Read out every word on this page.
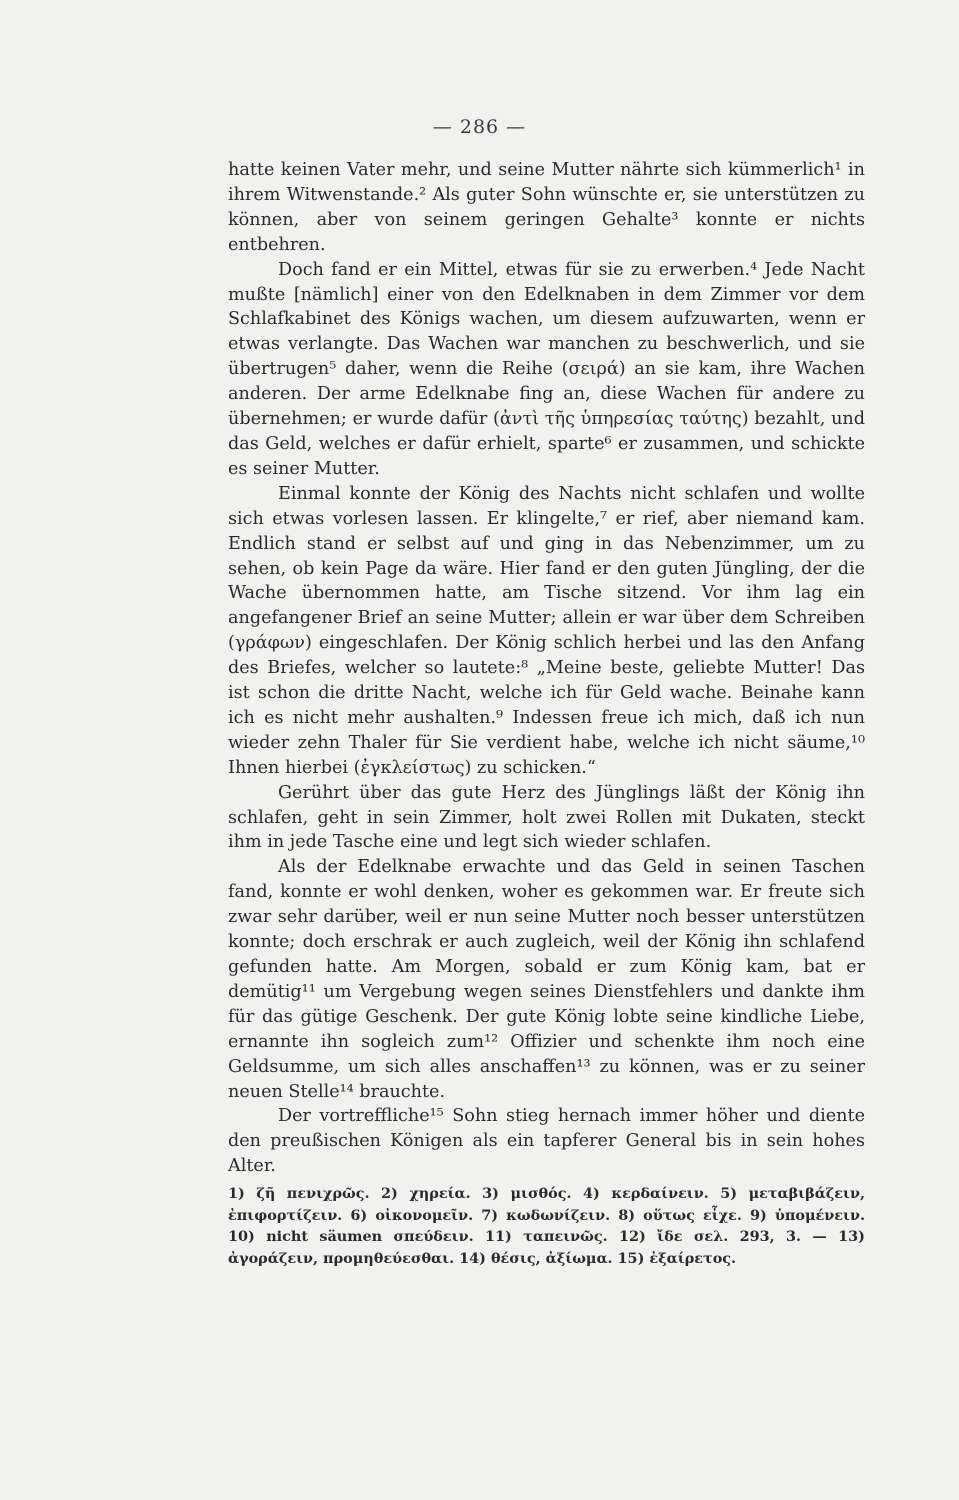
— 286 —

hatte keinen Vater mehr, und seine Mutter nährte sich kümmerlich¹ in ihrem Witwenstande.² Als guter Sohn wünschte er, sie unterstützen zu können, aber von seinem geringen Gehalte³ konnte er nichts entbehren.

Doch fand er ein Mittel, etwas für sie zu erwerben.⁴ Jede Nacht mußte [nämlich] einer von den Edelknaben in dem Zimmer vor dem Schlafkabinet des Königs wachen, um diesem aufzuwarten, wenn er etwas verlangte. Das Wachen war manchen zu beschwerlich, und sie übertrugen⁵ daher, wenn die Reihe (σειρά) an sie kam, ihre Wachen anderen. Der arme Edelknabe fing an, diese Wachen für andere zu übernehmen; er wurde dafür (ἀντὶ τῆς ὑπηρεσίας ταύτης) bezahlt, und das Geld, welches er dafür erhielt, sparte⁶ er zusammen, und schickte es seiner Mutter.

Einmal konnte der König des Nachts nicht schlafen und wollte sich etwas vorlesen lassen. Er klingelte,⁷ er rief, aber niemand kam. Endlich stand er selbst auf und ging in das Nebenzimmer, um zu sehen, ob kein Page da wäre. Hier fand er den guten Jüngling, der die Wache übernommen hatte, am Tische sitzend. Vor ihm lag ein angefangener Brief an seine Mutter; allein er war über dem Schreiben (γράφων) eingeschlafen. Der König schlich herbei und las den Anfang des Briefes, welcher so lautete:⁸ „Meine beste, geliebte Mutter! Das ist schon die dritte Nacht, welche ich für Geld wache. Beinahe kann ich es nicht mehr aushalten.⁹ Indessen freue ich mich, daß ich nun wieder zehn Thaler für Sie verdient habe, welche ich nicht säume,¹⁰ Ihnen hierbei (ἐγκλείστως) zu schicken.“

Gerührt über das gute Herz des Jünglings läßt der König ihn schlafen, geht in sein Zimmer, holt zwei Rollen mit Dukaten, steckt ihm in jede Tasche eine und legt sich wieder schlafen.

Als der Edelknabe erwachte und das Geld in seinen Taschen fand, konnte er wohl denken, woher es gekommen war. Er freute sich zwar sehr darüber, weil er nun seine Mutter noch besser unterstützen konnte; doch erschrak er auch zugleich, weil der König ihn schlafend gefunden hatte. Am Morgen, sobald er zum König kam, bat er demütig¹¹ um Vergebung wegen seines Dienstfehlers und dankte ihm für das gütige Geschenk. Der gute König lobte seine kindliche Liebe, ernannte ihn sogleich zum¹² Offizier und schenkte ihm noch eine Geldsumme, um sich alles anschaffen¹³ zu können, was er zu seiner neuen Stelle¹⁴ brauchte.

Der vortreffliche¹⁵ Sohn stieg hernach immer höher und diente den preußischen Königen als ein tapferer General bis in sein hohes Alter.

1) ζῆ πενιχρῶς. 2) χηρεία. 3) μισθός. 4) κερδαίνειν. 5) μεταβιβάζειν, ἐπιφορτίζειν. 6) οἰκονομεῖν. 7) κωδωνίζειν. 8) οὕτως εἶχε. 9) ὑπομένειν. 10) nicht säumen σπεύδειν. 11) ταπεινῶς. 12) ἴδε σελ. 293, 3. — 13) ἀγοράζειν, προμηθεύεσθαι. 14) θέσις, ἀξίωμα. 15) ἐξαίρετος.
